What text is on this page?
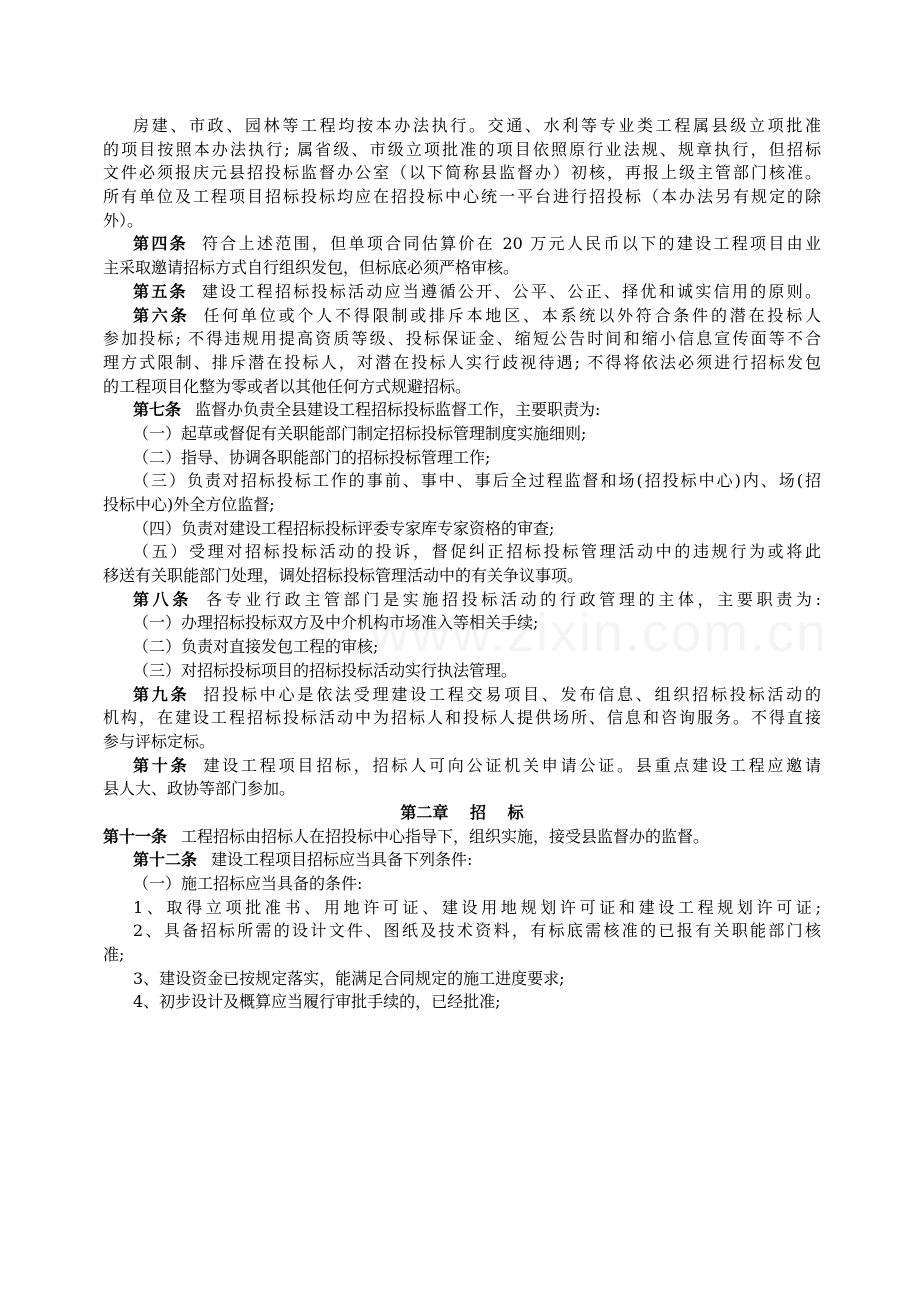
房建、市政、园林等工程均按本办法执行。交通、水利等专业类工程属县级立项批准
的项目按照本办法执行; 属省级、市级立项批准的项目依照原行业法规、规章执行，但招标
文件必须报庆元县招投标监督办公室（以下简称县监督办）初核，再报上级主管部门核准。
所有单位及工程项目招标投标均应在招投标中心统一平台进行招投标（本办法另有规定的除
外）。
第四条 符合上述范围，但单项合同估算价在 20 万元人民币以下的建设工程项目由业
主采取邀请招标方式自行组织发包，但标底必须严格审核。
第五条 建设工程招标投标活动应当遵循公开、公平、公正、择优和诚实信用的原则。
第六条 任何单位或个人不得限制或排斥本地区、本系统以外符合条件的潜在投标人
参加投标; 不得违规用提高资质等级、投标保证金、缩短公告时间和缩小信息宣传面等不合
理方式限制、排斥潜在投标人，对潜在投标人实行歧视待遇; 不得将依法必须进行招标发包
的工程项目化整为零或者以其他任何方式规避招标。
第七条 监督办负责全县建设工程招标投标监督工作，主要职责为:
（一）起草或督促有关职能部门制定招标投标管理制度实施细则;
（二）指导、协调各职能部门的招标投标管理工作;
（三）负责对招标投标工作的事前、事中、事后全过程监督和场(招投标中心)内、场(招
投标中心)外全方位监督;
（四）负责对建设工程招标投标评委专家库专家资格的审查;
（五）受理对招标投标活动的投诉，督促纠正招标投标管理活动中的违规行为或将此
移送有关职能部门处理，调处招标投标管理活动中的有关争议事项。
第八条 各专业行政主管部门是实施招投标活动的行政管理的主体，主要职责为:
（一）办理招标投标双方及中介机构市场准入等相关手续;
（二）负责对直接发包工程的审核;
（三）对招标投标项目的招标投标活动实行执法管理。
第九条 招投标中心是依法受理建设工程交易项目、发布信息、组织招标投标活动的
机构，在建设工程招标投标活动中为招标人和投标人提供场所、信息和咨询服务。不得直接
参与评标定标。
第十条 建设工程项目招标，招标人可向公证机关申请公证。县重点建设工程应邀请
县人大、政协等部门参加。
第二章　 招　 标
第十一条 工程招标由招标人在招投标中心指导下，组织实施，接受县监督办的监督。
第十二条 建设工程项目招标应当具备下列条件:
（一）施工招标应当具备的条件:
1、取得立项批准书、用地许可证、建设用地规划许可证和建设工程规划许可证;
2、具备招标所需的设计文件、图纸及技术资料，有标底需核准的已报有关职能部门核
准;
3、建设资金已按规定落实，能满足合同规定的施工进度要求;
4、初步设计及概算应当履行审批手续的，已经批准;
